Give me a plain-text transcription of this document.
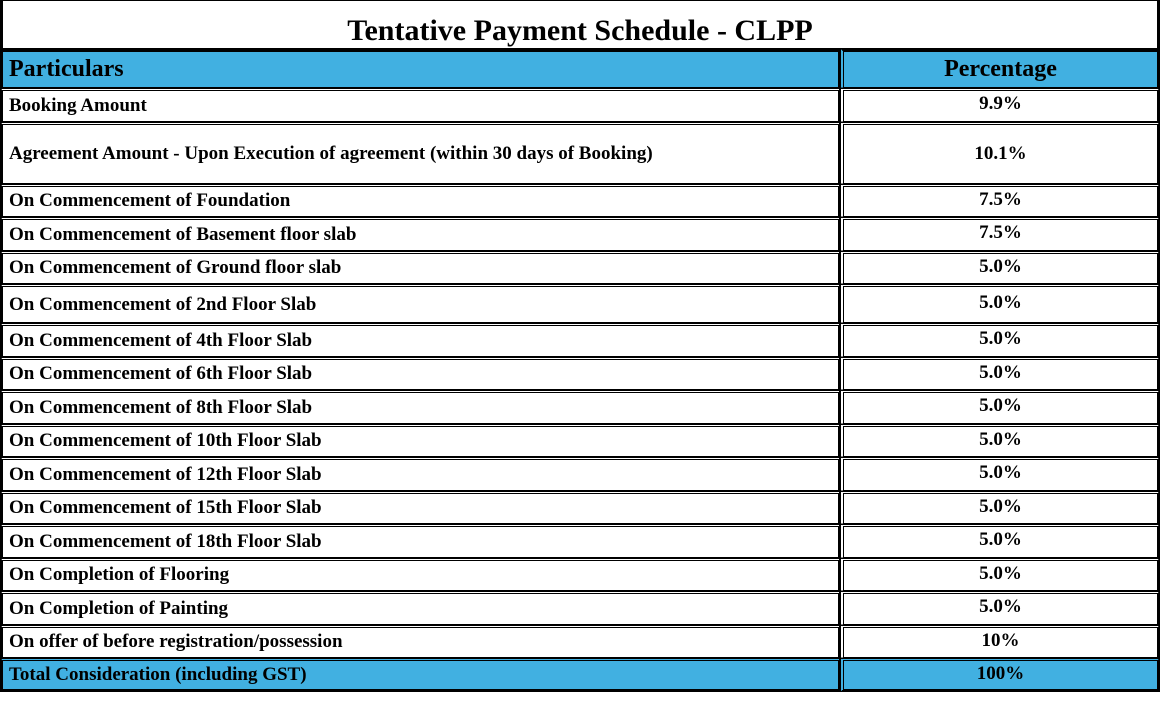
Tentative Payment Schedule - CLPP
Particulars	Percentage
Booking Amount	9.9%
Agreement Amount - Upon Execution of agreement (within 30 days of Booking)	10.1%
On Commencement of Foundation	7.5%
On Commencement of Basement floor slab	7.5%
On Commencement of Ground floor slab	5.0%
On Commencement of 2nd Floor Slab	5.0%
On Commencement of 4th Floor Slab	5.0%
On Commencement of 6th Floor Slab	5.0%
On Commencement of 8th Floor Slab	5.0%
On Commencement of 10th Floor Slab	5.0%
On Commencement of 12th Floor Slab	5.0%
On Commencement of 15th Floor Slab	5.0%
On Commencement of 18th Floor Slab	5.0%
On Completion of Flooring	5.0%
On Completion of Painting	5.0%
On offer of before registration/possession	10%
Total Consideration (including GST)	100%
